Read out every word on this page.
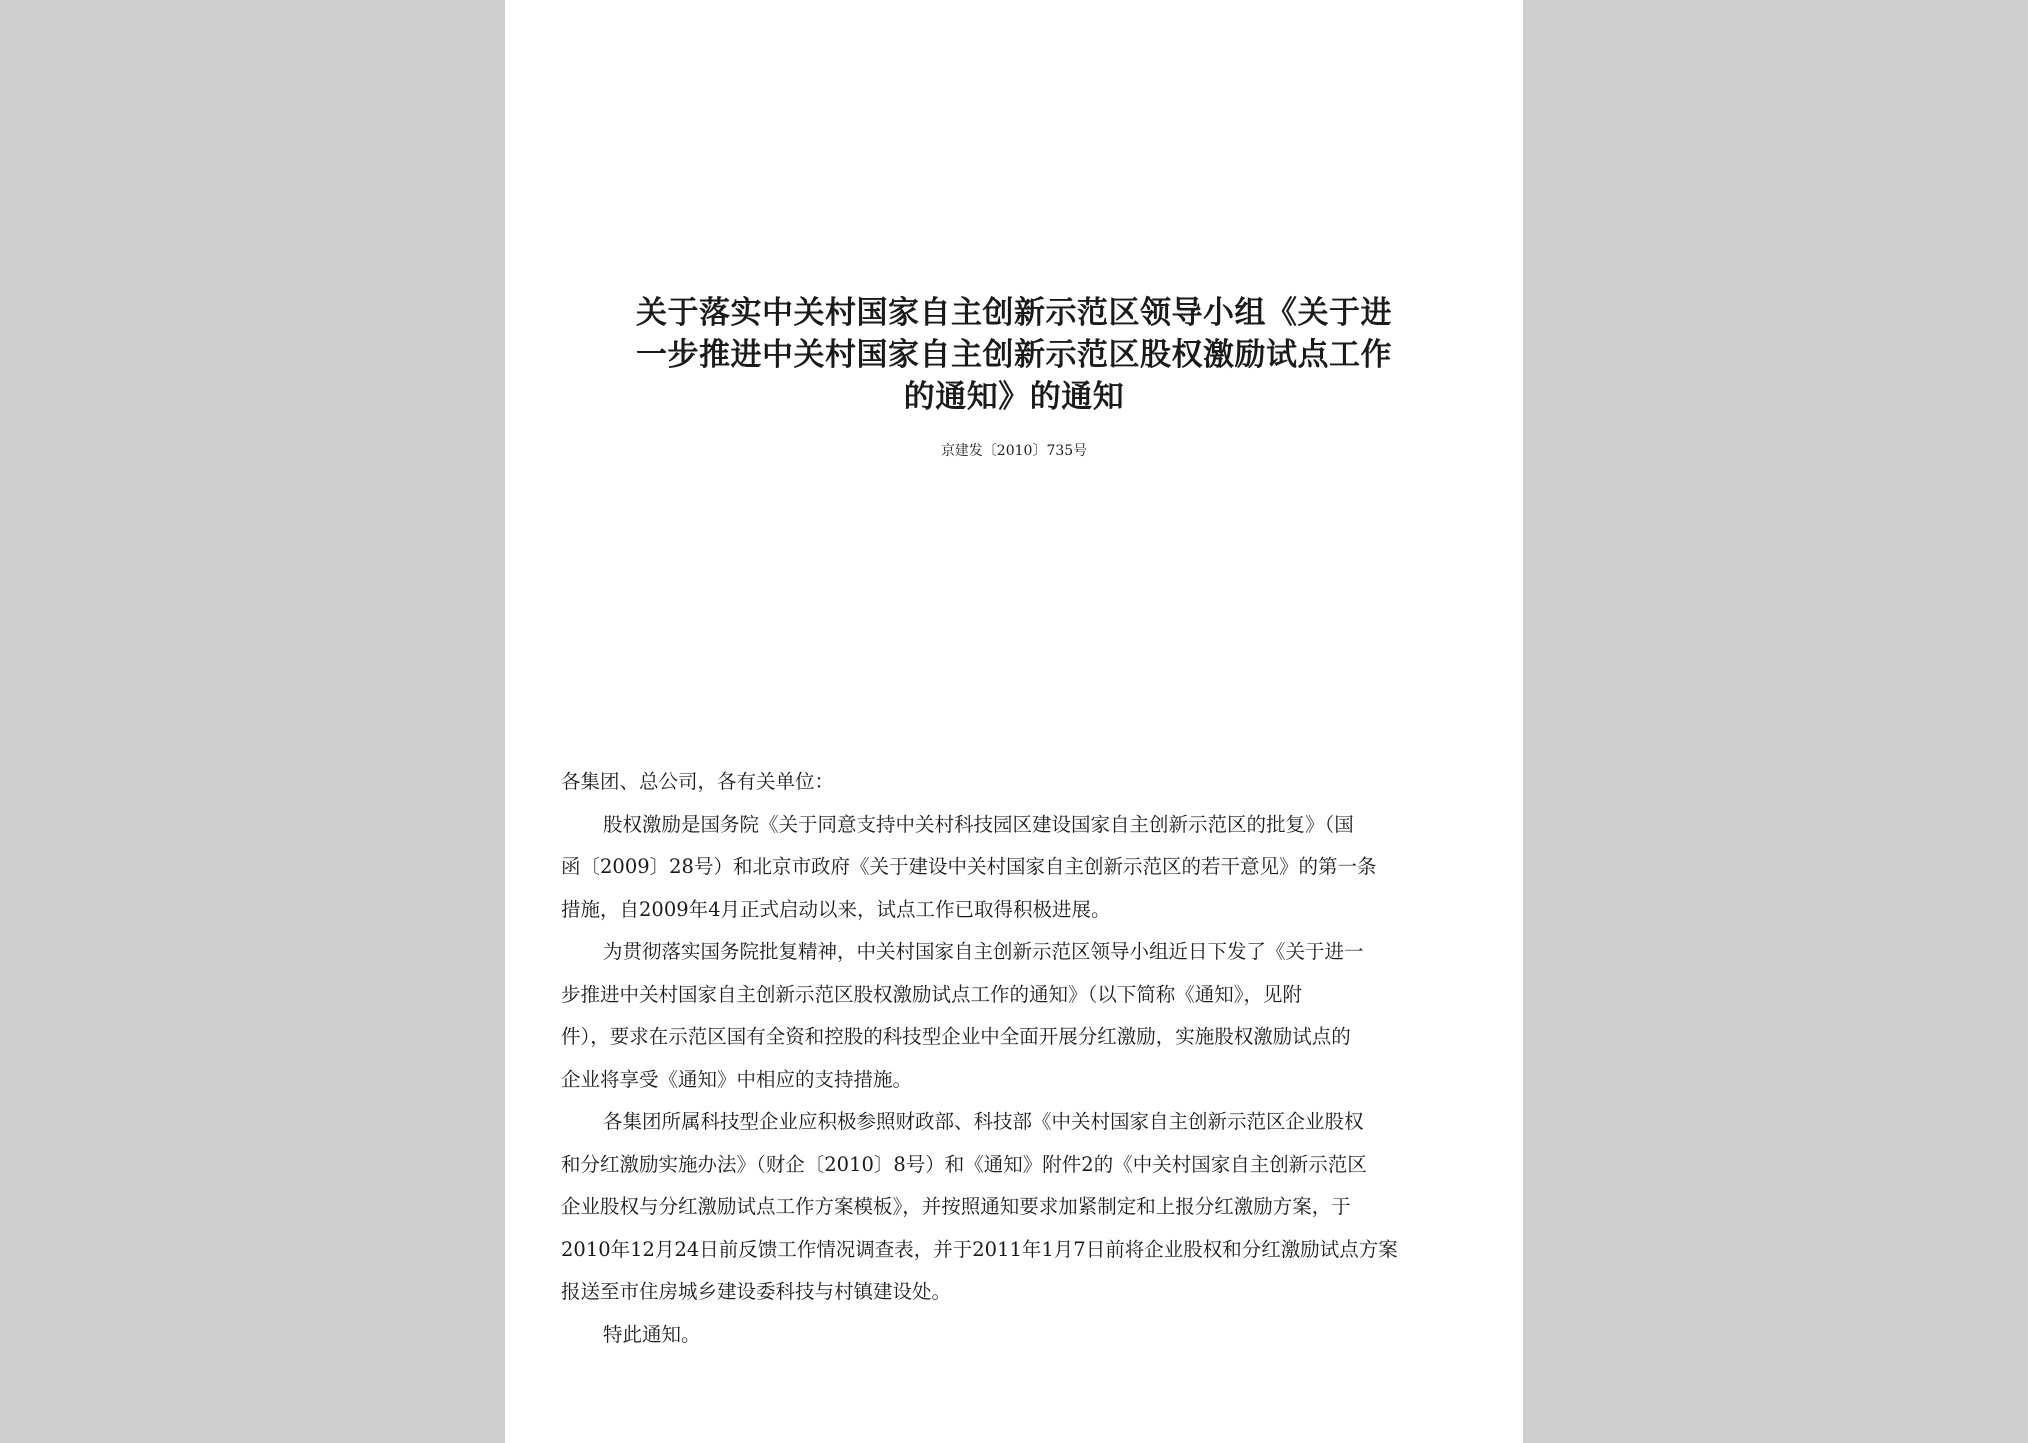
关于落实中关村国家自主创新示范区领导小组《关于进
一步推进中关村国家自主创新示范区股权激励试点工作
的通知》的通知
京建发〔2010〕735号
各集团、总公司，各有关单位：
股权激励是国务院《关于同意支持中关村科技园区建设国家自主创新示范区的批复》（国
函〔2009〕28号）和北京市政府《关于建设中关村国家自主创新示范区的若干意见》的第一条
措施，自2009年4月正式启动以来，试点工作已取得积极进展。
为贯彻落实国务院批复精神，中关村国家自主创新示范区领导小组近日下发了《关于进一
步推进中关村国家自主创新示范区股权激励试点工作的通知》（以下简称《通知》，见附
件），要求在示范区国有全资和控股的科技型企业中全面开展分红激励，实施股权激励试点的
企业将享受《通知》中相应的支持措施。
各集团所属科技型企业应积极参照财政部、科技部《中关村国家自主创新示范区企业股权
和分红激励实施办法》（财企〔2010〕8号）和《通知》附件2的《中关村国家自主创新示范区
企业股权与分红激励试点工作方案模板》，并按照通知要求加紧制定和上报分红激励方案，于
2010年12月24日前反馈工作情况调查表，并于2011年1月7日前将企业股权和分红激励试点方案
报送至市住房城乡建设委科技与村镇建设处。
特此通知。
